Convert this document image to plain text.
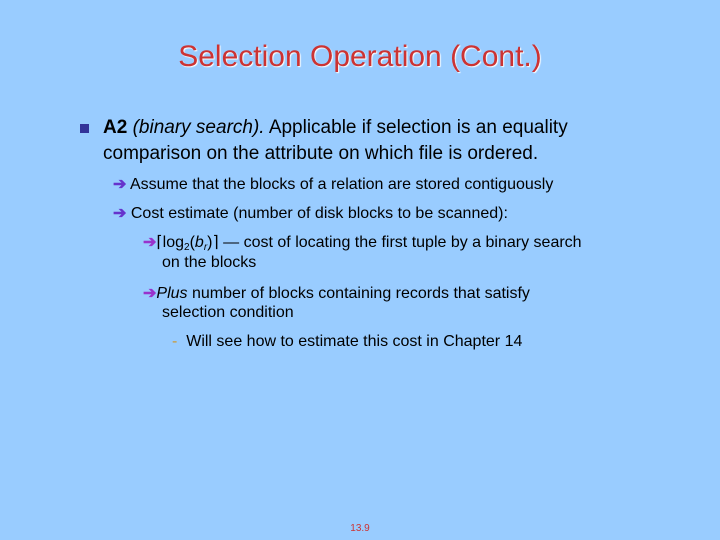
Selection Operation (Cont.)
A2 (binary search). Applicable if selection is an equality
comparison on the attribute on which file is ordered.
➔ Assume that the blocks of a relation are stored contiguously
➔ Cost estimate (number of disk blocks to be scanned):
$➔⌈\log_2(b_r)⌉$ — cost of locating the first tuple by a binary search
on the blocks
➔Plus number of blocks containing records that satisfy
selection condition
- Will see how to estimate this cost in Chapter 14
13.9
